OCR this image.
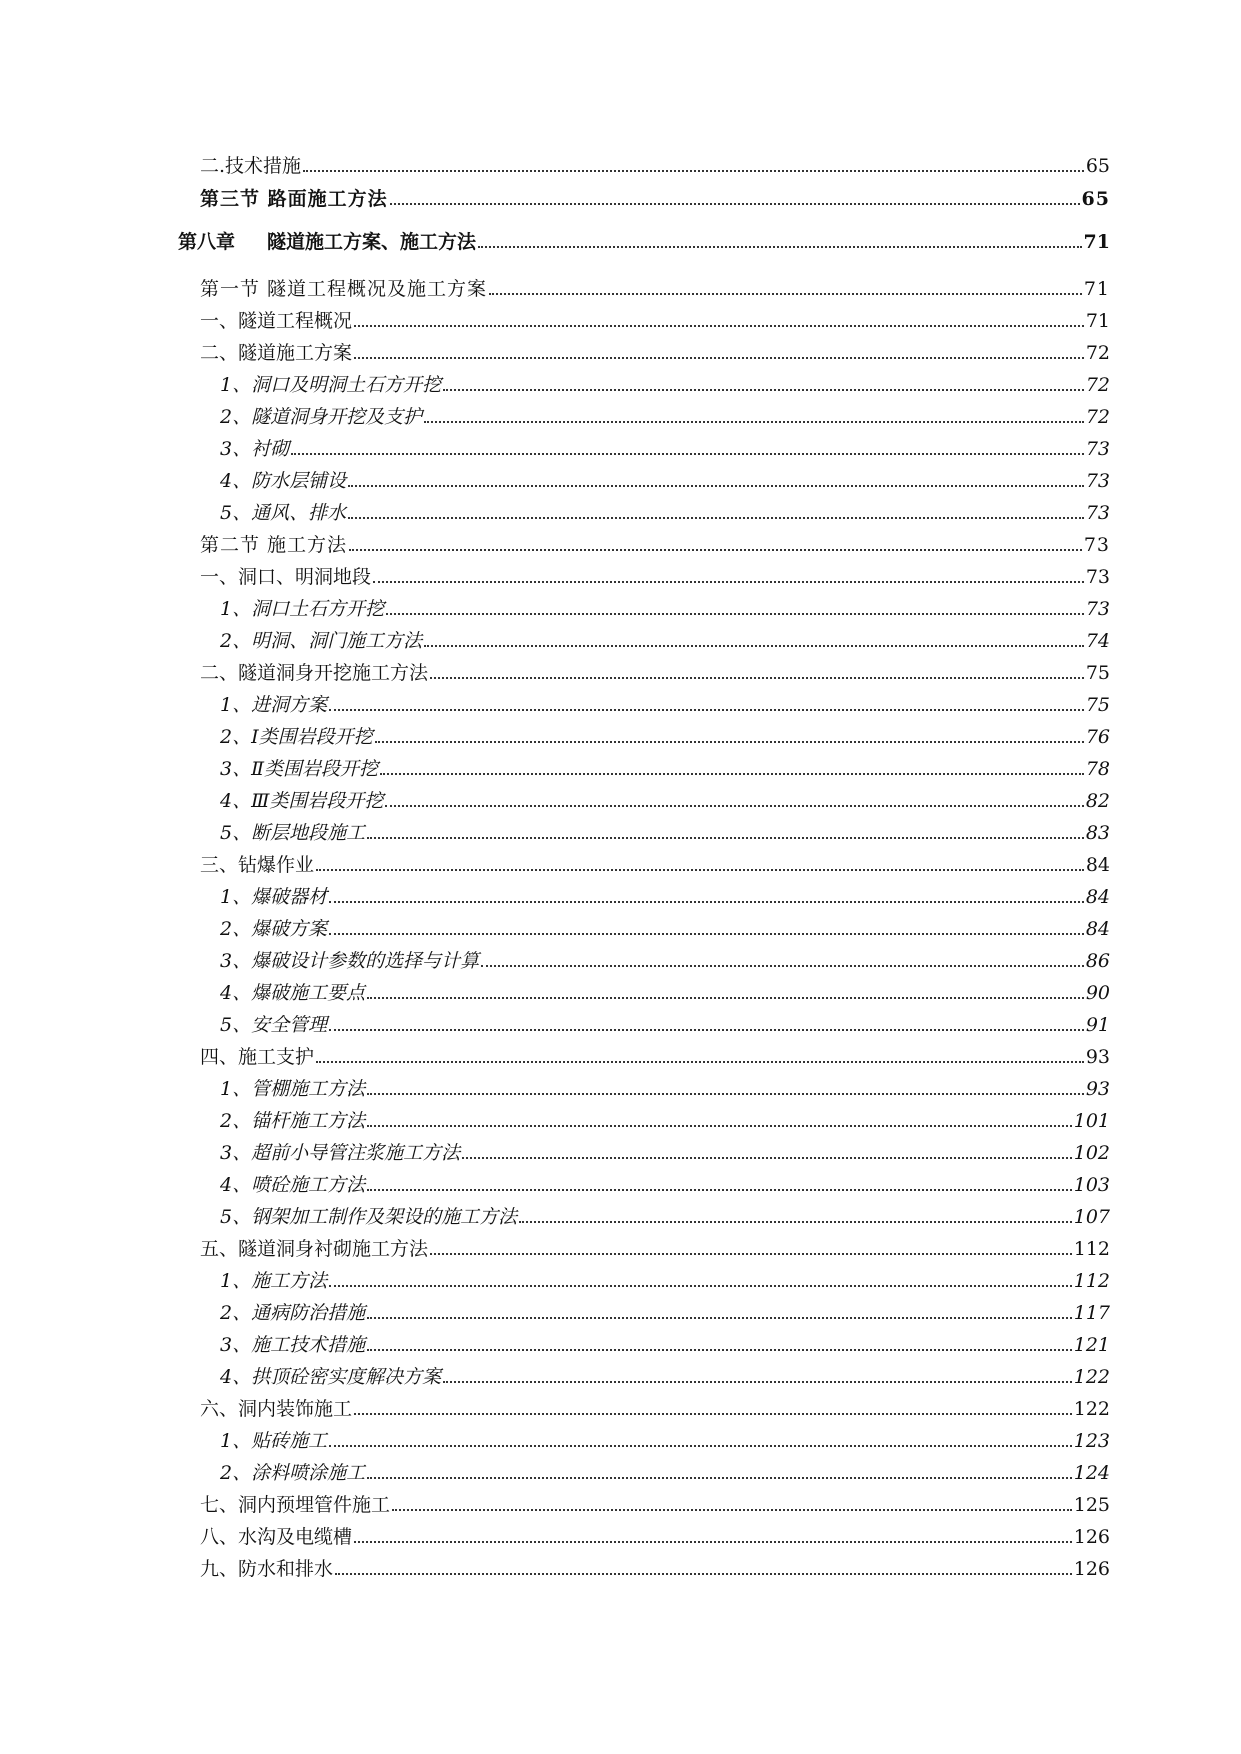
二.技术措施	65
第三节 路面施工方法	65
第八章 隧道施工方案、施工方法	71
第一节 隧道工程概况及施工方案	71
一、隧道工程概况	71
二、隧道施工方案	72
1、洞口及明洞土石方开挖	72
2、隧道洞身开挖及支护	72
3、衬砌	73
4、防水层铺设	73
5、通风、排水	73
第二节 施工方法	73
一、洞口、明洞地段	73
1、洞口土石方开挖	73
2、明洞、洞门施工方法	74
二、隧道洞身开挖施工方法	75
1、进洞方案	75
2、Ⅰ类围岩段开挖	76
3、Ⅱ类围岩段开挖	78
4、Ⅲ类围岩段开挖	82
5、断层地段施工	83
三、钻爆作业	84
1、爆破器材	84
2、爆破方案	84
3、爆破设计参数的选择与计算	86
4、爆破施工要点	90
5、安全管理	91
四、施工支护	93
1、管棚施工方法	93
2、锚杆施工方法	101
3、超前小导管注浆施工方法	102
4、喷砼施工方法	103
5、钢架加工制作及架设的施工方法	107
五、隧道洞身衬砌施工方法	112
1、施工方法	112
2、通病防治措施	117
3、施工技术措施	121
4、拱顶砼密实度解决方案	122
六、洞内装饰施工	122
1、贴砖施工	123
2、涂料喷涂施工	124
七、洞内预埋管件施工	125
八、水沟及电缆槽	126
九、防水和排水	126
